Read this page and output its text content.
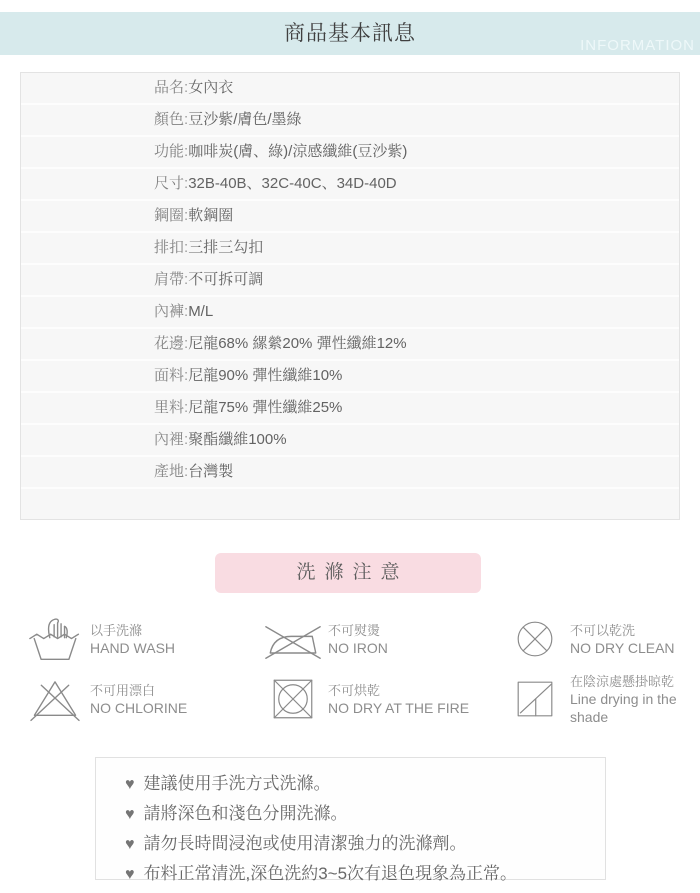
商品基本訊息
INFORMATION
品名:女內衣
顏色:豆沙紫/膚色/墨綠
功能:咖啡炭(膚、綠)/涼感纖維(豆沙紫)
尺寸:32B-40B、32C-40C、34D-40D
鋼圈:軟鋼圈
排扣:三排三勾扣
肩帶:不可拆可調
內褲:M/L
花邊:尼龍68% 縲縈20% 彈性纖維12%
面料:尼龍90% 彈性纖維10%
里料:尼龍75% 彈性纖維25%
內裡:聚酯纖維100%
產地:台灣製
洗滌注意
以手洗滌
HAND WASH
不可熨燙
NO IRON
不可以乾洗
NO DRY CLEAN
不可用漂白
NO CHLORINE
不可烘乾
NO DRY AT THE FIRE
在陰涼處懸掛晾乾
Line drying in the shade
♥ 建議使用手洗方式洗滌。
♥ 請將深色和淺色分開洗滌。
♥ 請勿長時間浸泡或使用清潔強力的洗滌劑。
♥ 布料正常清洗,深色洗約3~5次有退色現象為正常。
